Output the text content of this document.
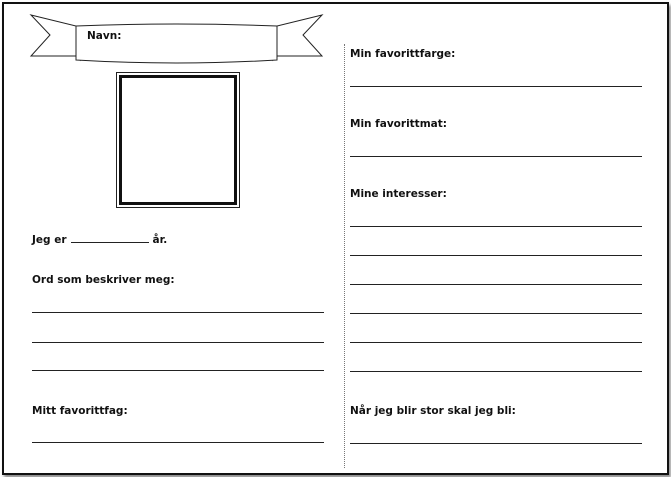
Navn:
Jeg er	år.
Ord som beskriver meg:
Mitt favorittfag:
Min favorittfarge:
Min favorittmat:
Mine interesser:
Når jeg blir stor skal jeg bli:
